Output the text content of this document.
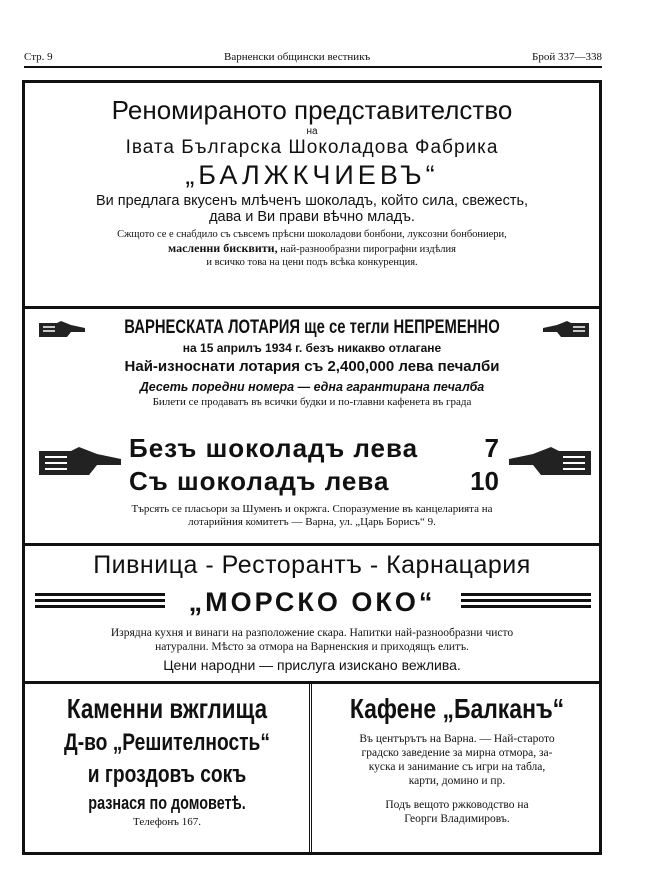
Стр. 9	Варненски общински вестникъ	Брой 337—338
Реномираното представителство
на
Івата Българска Шоколадова Фабрика
„БАЛЖКЧИЕВЪ“
Ви предлага вкусенъ млѣченъ шоколадъ, който сила, свежесть,
дава и Ви прави вѣчно младъ.
Сжщото се е снабдило съ съвсемъ прѣсни шоколадови бонбони, луксозни бонбониери,
масленни бисквити, най-разнообразни пирографни издѣлия
и всичко това на цени подъ всѣка конкуренция.
ВАРНЕСКАТА ЛОТАРИЯ ще се тегли НЕПРЕМЕННО
на 15 априлъ 1934 г. безъ никакво отлагане
Най-износнати лотария съ 2,400,000 лева печалби
Десеть поредни номера — една гарантирана печалба
Билети се продаватъ въ всички будки и по-главни кафенета въ града
Безъ шоколадъ лева	7
Съ шоколадъ лева	10
Търсять се пласьори за Шуменъ и окржга. Споразумение въ канцеларията на
лотарийния комитетъ — Варна, ул. „Царь Борисъ“ 9.
Пивница - Ресторантъ - Карнацария
„МОРСКО ОКО“
Изрядна кухня и винаги на разположение скара. Напитки най-разнообразни чисто
натурални. Мѣсто за отмора на Варненския и приходящъ елитъ.
Цени народни — прислуга изискано вежлива.
Каменни вжглища
Д-во „Решителность“
и гроздовъ сокъ
разнася по домоветѣ.
Телефонъ 167.
Кафене „Балканъ“
Въ центърътъ на Варна. — Най-старото
градско заведение за мирна отмора, за-
куска и занимание съ игри на табла,
карти, домино и пр.
Подъ вещото ржководство на
Георги Владимировъ.
